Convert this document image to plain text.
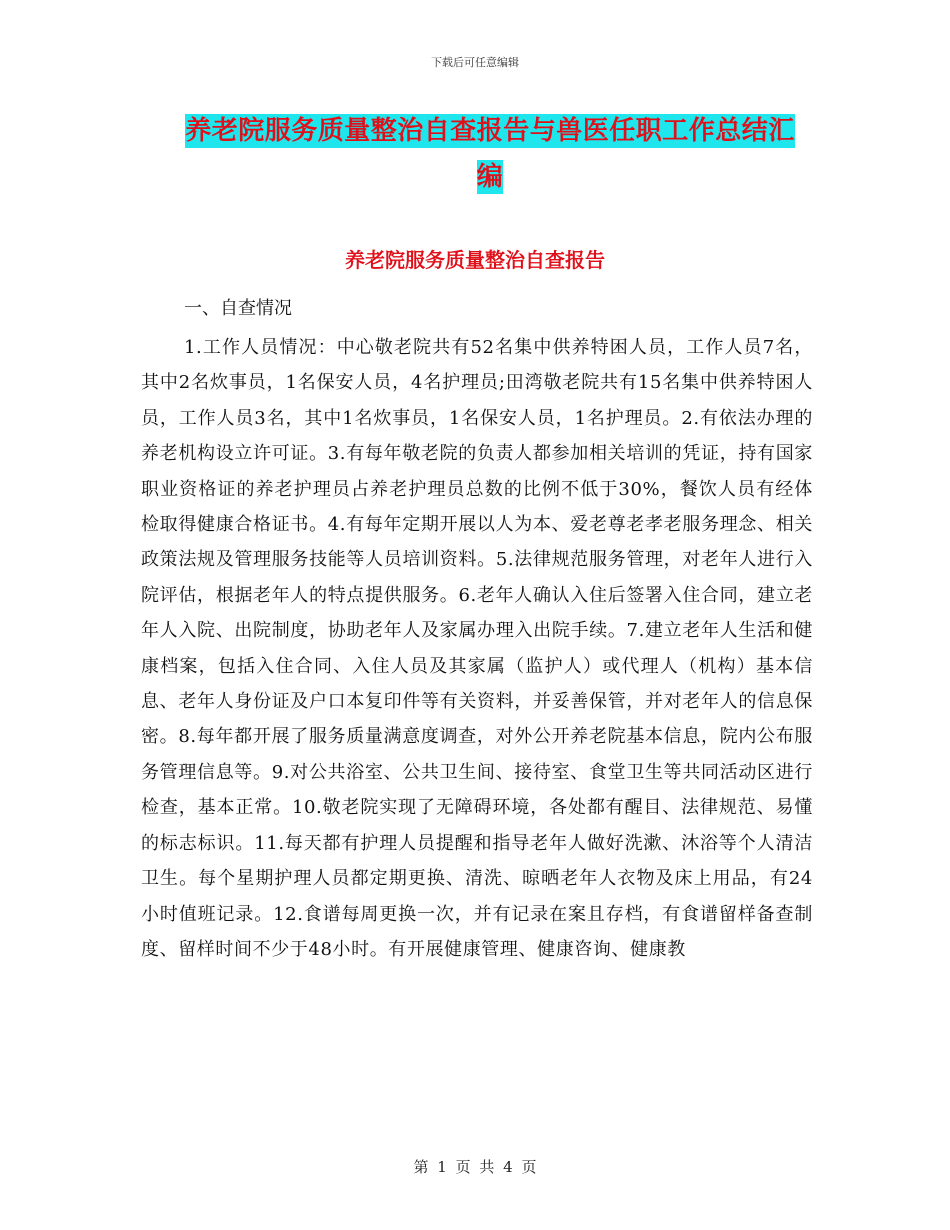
下载后可任意编辑
养老院服务质量整治自查报告与兽医任职工作总结汇
编
养老院服务质量整治自查报告
一、自查情况

1.工作人员情况：中心敬老院共有52名集中供养特困人员，工作人员7名，其中2名炊事员，1名保安人员，4名护理员;田湾敬老院共有15名集中供养特困人员，工作人员3名，其中1名炊事员，1名保安人员，1名护理员。2.有依法办理的养老机构设立许可证。3.有每年敬老院的负责人都参加相关培训的凭证，持有国家职业资格证的养老护理员占养老护理员总数的比例不低于30%，餐饮人员有经体检取得健康合格证书。4.有每年定期开展以人为本、爱老尊老孝老服务理念、相关政策法规及管理服务技能等人员培训资料。5.法律规范服务管理，对老年人进行入院评估，根据老年人的特点提供服务。6.老年人确认入住后签署入住合同，建立老年人入院、出院制度，协助老年人及家属办理入出院手续。7.建立老年人生活和健康档案，包括入住合同、入住人员及其家属（监护人）或代理人（机构）基本信息、老年人身份证及户口本复印件等有关资料，并妥善保管，并对老年人的信息保密。8.每年都开展了服务质量满意度调查，对外公开养老院基本信息，院内公布服务管理信息等。9.对公共浴室、公共卫生间、接待室、食堂卫生等共同活动区进行检查，基本正常。10.敬老院实现了无障碍环境，各处都有醒目、法律规范、易懂的标志标识。11.每天都有护理人员提醒和指导老年人做好洗漱、沐浴等个人清洁卫生。每个星期护理人员都定期更换、清洗、晾晒老年人衣物及床上用品，有24小时值班记录。12.食谱每周更换一次，并有记录在案且存档，有食谱留样备查制度、留样时间不少于48小时。有开展健康管理、健康咨询、健康教

第 1 页 共 4 页
